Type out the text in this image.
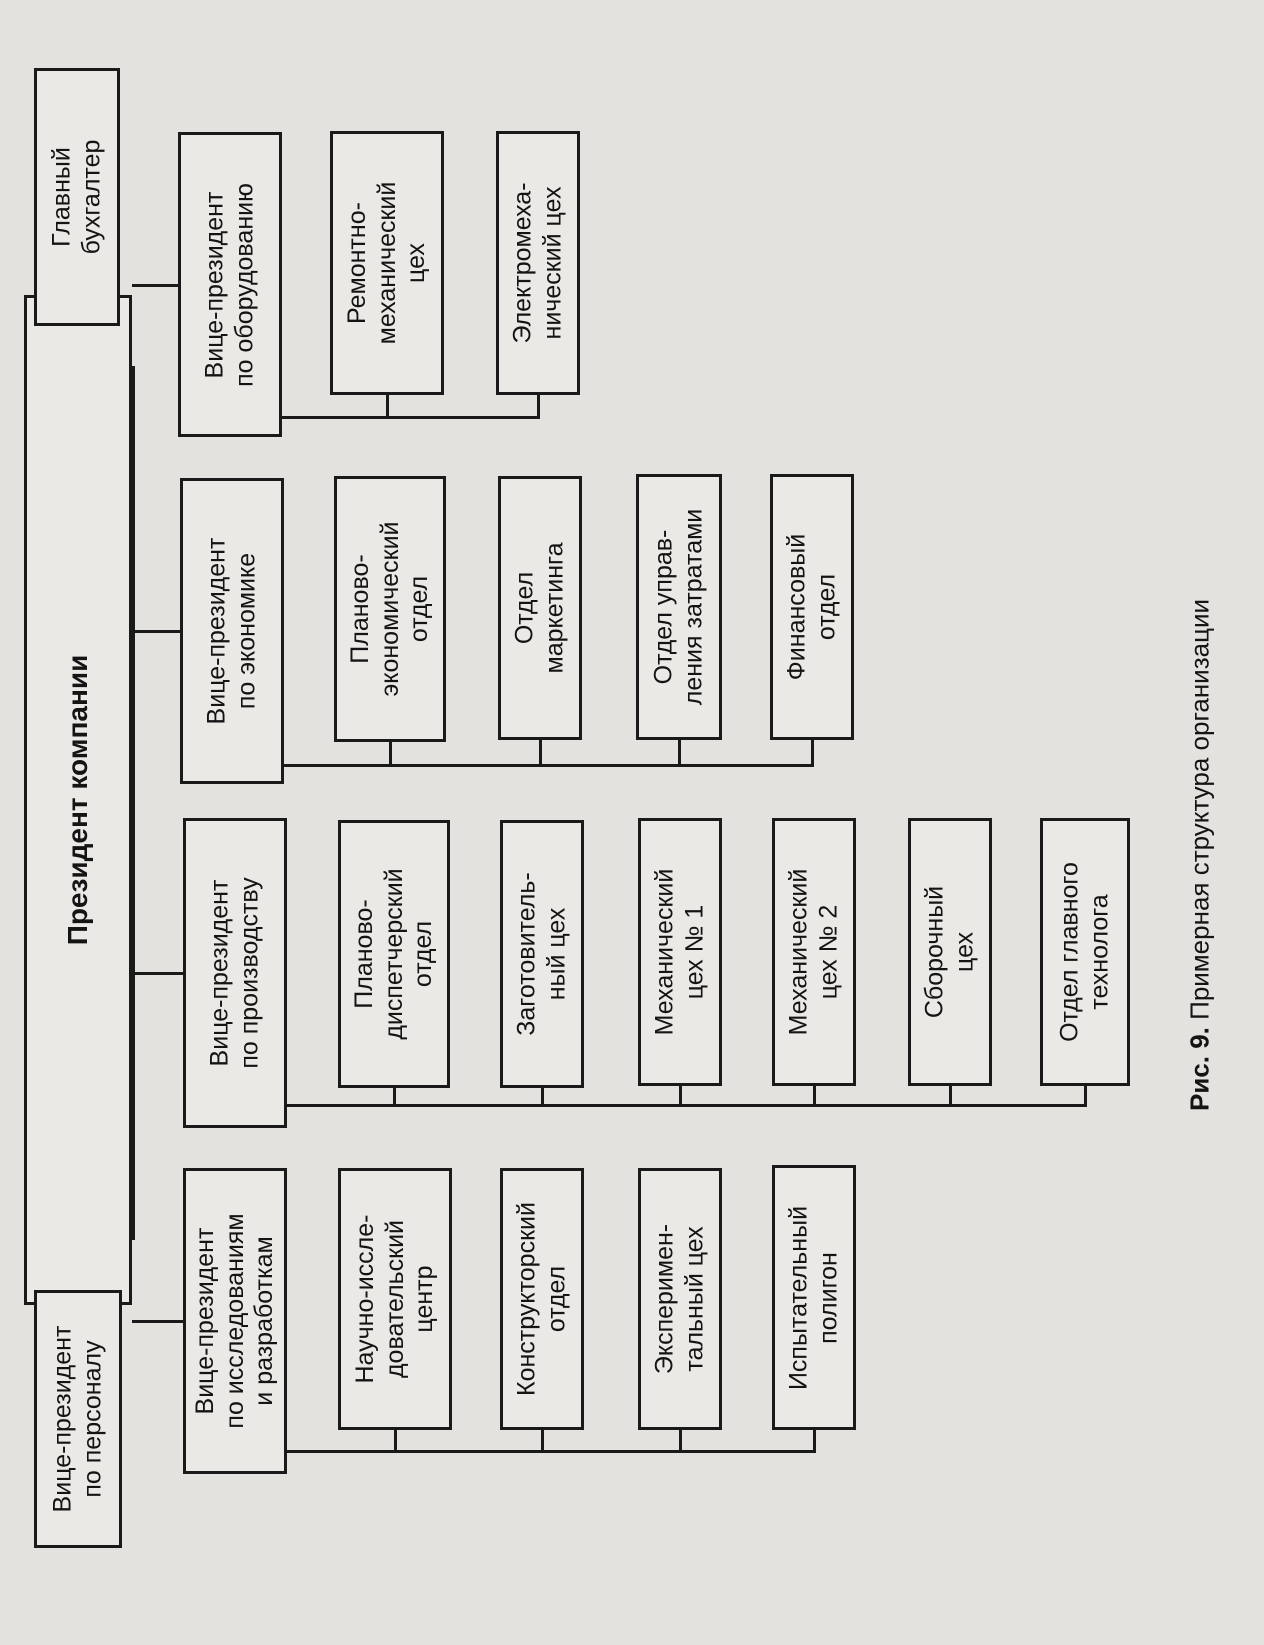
Президент компании
Главный
бухгалтер
Вице-президент
по персоналу	Вице-президент
по исследованиям
и разработкам	Научно-иссле-
довательский
центр	Конструкторский
отдел	Эксперимен-
тальный цех	Испытательный
полигон
Вице-президент
по производству	Планово-
диспетчерский
отдел	Заготовитель-
ный цех	Механический
цех № 1	Механический
цех № 2	Сборочный
цех
Отдел главного
технолога
Вице-президент
по экономике	Планово-
экономический
отдел	Отдел
маркетинга	Отдел управ-
ления затратами	Финансовый
отдел
Вице-президент
по оборудованию	Ремонтно-
механический
цех	Электромеха-
нический цех
Рис. 9. Примерная структура организации
